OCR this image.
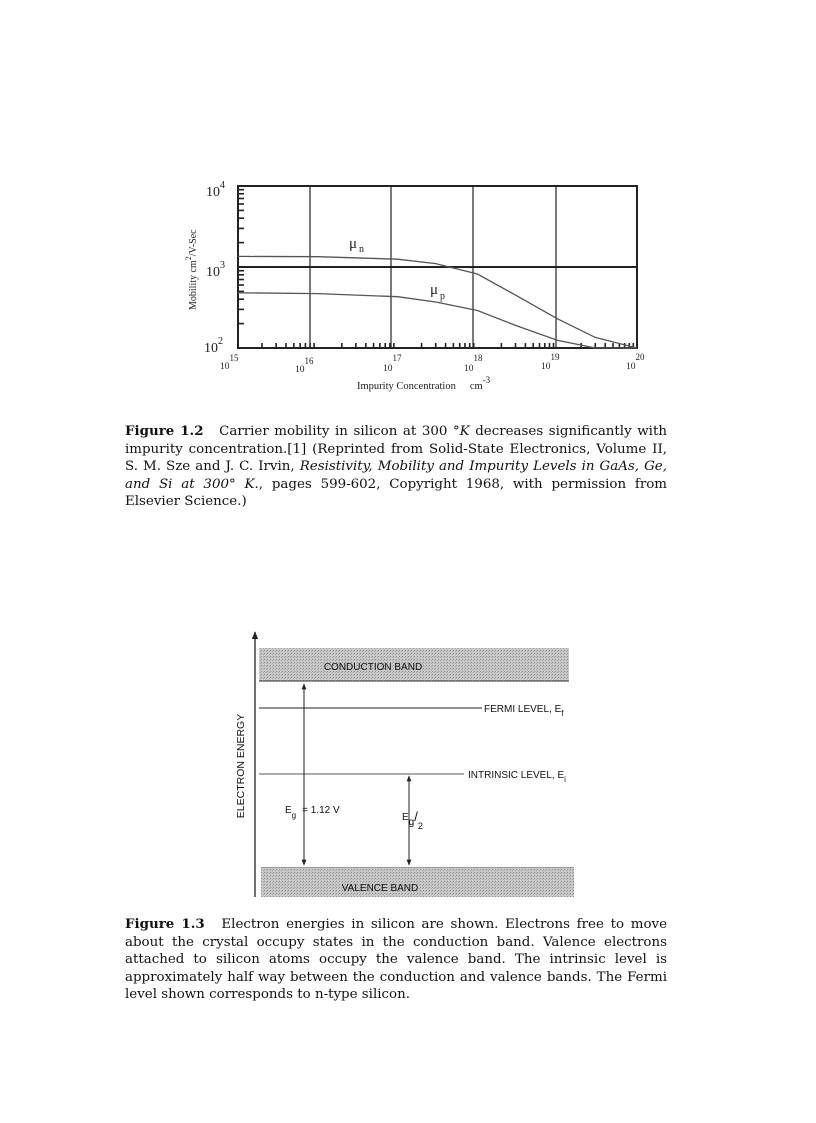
μ $_n$
μ $_p$
$10^4$
$10^3$
$10^2$
1015
1016
1017
1018
1019
1020
Impurity Concentration cm-3
Mobility $cm^2/V$-Sec
Figure 1.2 Carrier mobility in silicon at 300 °K decreases significantly with impurity concentration.[1] (Reprinted from Solid-State Electronics, Volume II, S. M. Sze and J. C. Irvin, Resistivity, Mobility and Impurity Levels in GaAs, Ge, and Si at 300° K., pages 599-602, Copyright 1968, with permission from Elsevier Science.)
ELECTRON ENERGY
CONDUCTION BAND
FERMI LEVEL, $E_f$
INTRINSIC LEVEL, $E_i$
$E_g = 1.12$ V
Eg/2
VALENCE BAND
Figure 1.3 Electron energies in silicon are shown. Electrons free to move about the crystal occupy states in the conduction band. Valence electrons attached to silicon atoms occupy the valence band. The intrinsic level is approximately half way between the conduction and valence bands. The Fermi level shown corresponds to n-type silicon.
